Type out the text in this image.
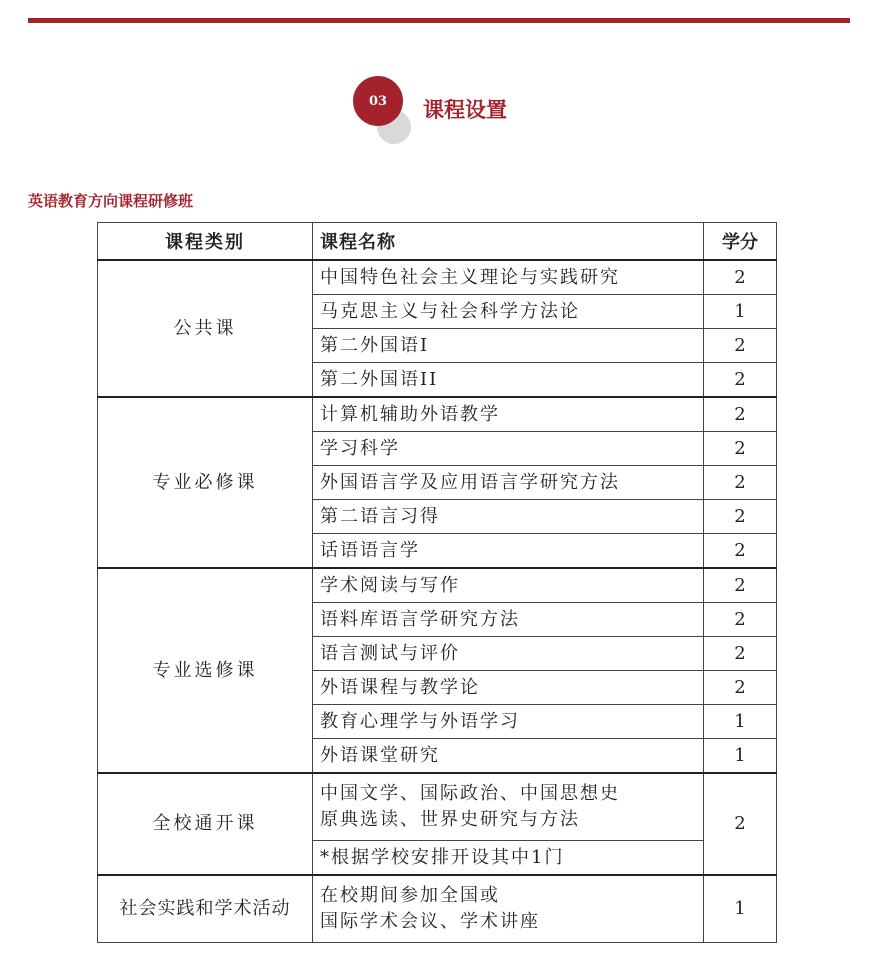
03 课程设置
英语教育方向课程研修班
课程类别	课程名称	学分
公共课	中国特色社会主义理论与实践研究	2
	马克思主义与社会科学方法论	1
	第二外国语I	2
	第二外国语II	2
专业必修课	计算机辅助外语教学	2
	学习科学	2
	外国语言学及应用语言学研究方法	2
	第二语言习得	2
	话语语言学	2
专业选修课	学术阅读与写作	2
	语料库语言学研究方法	2
	语言测试与评价	2
	外语课程与教学论	2
	教育心理学与外语学习	1
	外语课堂研究	1
全校通开课	中国文学、国际政治、中国思想史
原典选读、世界史研究与方法	2
	*根据学校安排开设其中1门	
社会实践和学术活动	在校期间参加全国或
国际学术会议、学术讲座	1
